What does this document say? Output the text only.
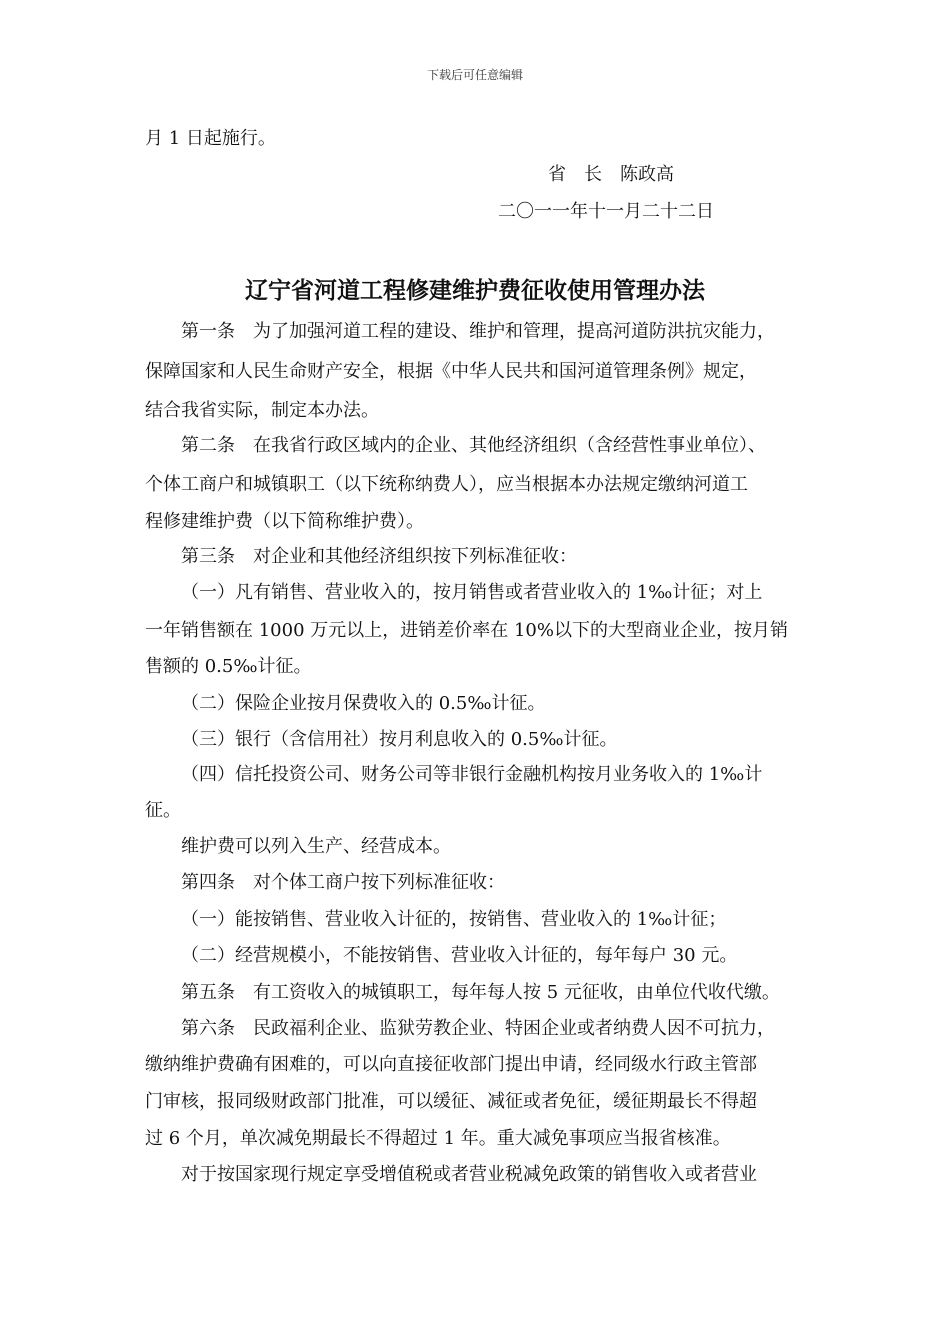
下载后可任意编辑
月 1 日起施行。
省　长　陈政高
二〇一一年十一月二十二日
辽宁省河道工程修建维护费征收使用管理办法
第一条　为了加强河道工程的建设、维护和管理，提高河道防洪抗灾能力，
保障国家和人民生命财产安全，根据《中华人民共和国河道管理条例》规定，
结合我省实际，制定本办法。
第二条　在我省行政区域内的企业、其他经济组织（含经营性事业单位）、
个体工商户和城镇职工（以下统称纳费人），应当根据本办法规定缴纳河道工
程修建维护费（以下简称维护费）。
第三条　对企业和其他经济组织按下列标准征收：
（一）凡有销售、营业收入的，按月销售或者营业收入的 1‰计征；对上
一年销售额在 1000 万元以上，进销差价率在 10%以下的大型商业企业，按月销
售额的 0.5‰计征。
（二）保险企业按月保费收入的 0.5‰计征。
（三）银行（含信用社）按月利息收入的 0.5‰计征。
（四）信托投资公司、财务公司等非银行金融机构按月业务收入的 1‰计
征。
维护费可以列入生产、经营成本。
第四条　对个体工商户按下列标准征收：
（一）能按销售、营业收入计征的，按销售、营业收入的 1‰计征；
（二）经营规模小，不能按销售、营业收入计征的，每年每户 30 元。
第五条　有工资收入的城镇职工，每年每人按 5 元征收，由单位代收代缴。
第六条　民政福利企业、监狱劳教企业、特困企业或者纳费人因不可抗力，
缴纳维护费确有困难的，可以向直接征收部门提出申请，经同级水行政主管部
门审核，报同级财政部门批准，可以缓征、减征或者免征，缓征期最长不得超
过 6 个月，单次减免期最长不得超过 1 年。重大减免事项应当报省核准。
对于按国家现行规定享受增值税或者营业税减免政策的销售收入或者营业
